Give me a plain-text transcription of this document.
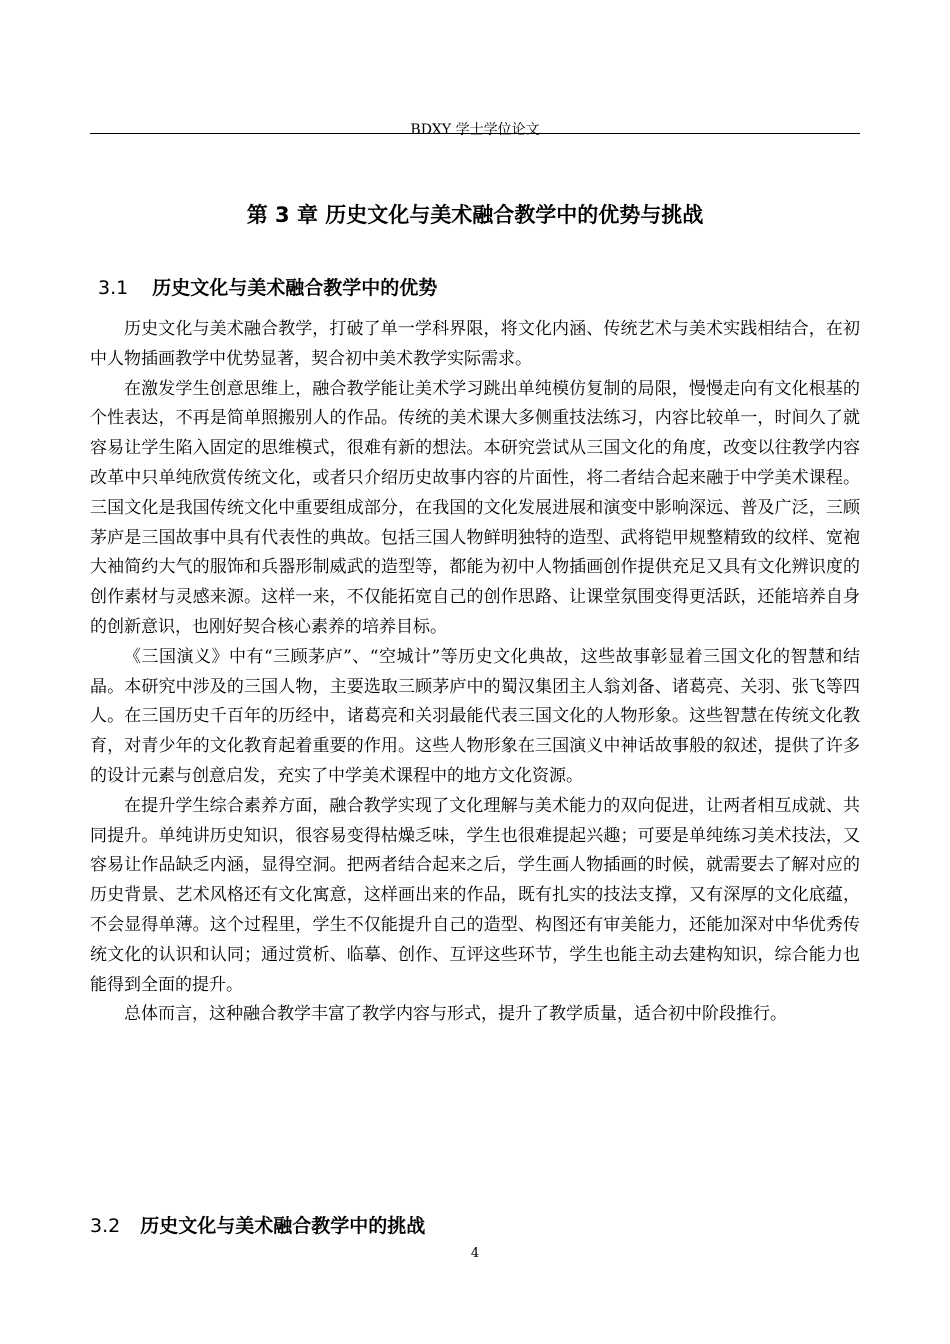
BDXY 学士学位论文
第 3 章 历史文化与美术融合教学中的优势与挑战
3.1 历史文化与美术融合教学中的优势

历史文化与美术融合教学，打破了单一学科界限，将文化内涵、传统艺术与美术实践相结合，在初中人物插画教学中优势显著，契合初中美术教学实际需求。

在激发学生创意思维上，融合教学能让美术学习跳出单纯模仿复制的局限，慢慢走向有文化根基的个性表达，不再是简单照搬别人的作品。传统的美术课大多侧重技法练习，内容比较单一，时间久了就容易让学生陷入固定的思维模式，很难有新的想法。本研究尝试从三国文化的角度，改变以往教学内容改革中只单纯欣赏传统文化，或者只介绍历史故事内容的片面性，将二者结合起来融于中学美术课程。三国文化是我国传统文化中重要组成部分，在我国的文化发展进展和演变中影响深远、普及广泛，三顾茅庐是三国故事中具有代表性的典故。包括三国人物鲜明独特的造型、武将铠甲规整精致的纹样、宽袍大袖简约大气的服饰和兵器形制威武的造型等，都能为初中人物插画创作提供充足又具有文化辨识度的创作素材与灵感来源。这样一来，不仅能拓宽自己的创作思路、让课堂氛围变得更活跃，还能培养自身的创新意识，也刚好契合核心素养的培养目标。

《三国演义》中有“三顾茅庐”、“空城计”等历史文化典故，这些故事彰显着三国文化的智慧和结晶。本研究中涉及的三国人物，主要选取三顾茅庐中的蜀汉集团主人翁刘备、诸葛亮、关羽、张飞等四人。在三国历史千百年的历经中，诸葛亮和关羽最能代表三国文化的人物形象。这些智慧在传统文化教育，对青少年的文化教育起着重要的作用。这些人物形象在三国演义中神话故事般的叙述，提供了许多的设计元素与创意启发，充实了中学美术课程中的地方文化资源。

在提升学生综合素养方面，融合教学实现了文化理解与美术能力的双向促进，让两者相互成就、共同提升。单纯讲历史知识，很容易变得枯燥乏味，学生也很难提起兴趣；可要是单纯练习美术技法，又容易让作品缺乏内涵，显得空洞。把两者结合起来之后，学生画人物插画的时候，就需要去了解对应的历史背景、艺术风格还有文化寓意，这样画出来的作品，既有扎实的技法支撑，又有深厚的文化底蕴，不会显得单薄。这个过程里，学生不仅能提升自己的造型、构图还有审美能力，还能加深对中华优秀传统文化的认识和认同；通过赏析、临摹、创作、互评这些环节，学生也能主动去建构知识，综合能力也能得到全面的提升。

总体而言，这种融合教学丰富了教学内容与形式，提升了教学质量，适合初中阶段推行。

3.2 历史文化与美术融合教学中的挑战
4
